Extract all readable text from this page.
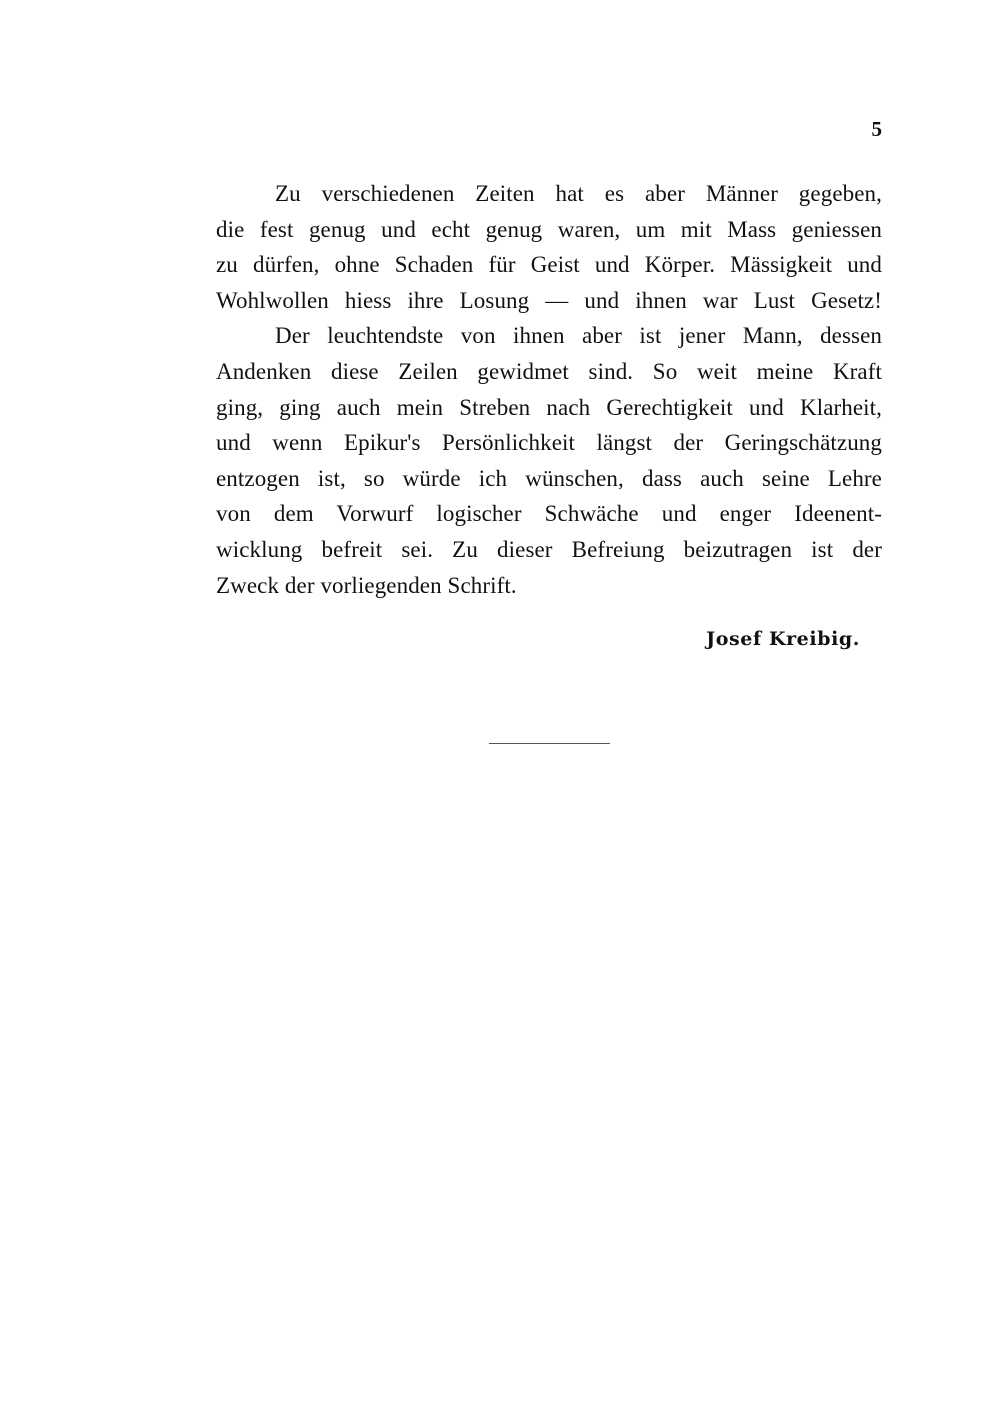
5
Zu verschiedenen Zeiten hat es aber Männer gegeben,
die fest genug und echt genug waren, um mit Mass geniessen
zu dürfen, ohne Schaden für Geist und Körper. Mässigkeit und
Wohlwollen hiess ihre Losung — und ihnen war Lust Gesetz!
Der leuchtendste von ihnen aber ist jener Mann, dessen
Andenken diese Zeilen gewidmet sind. So weit meine Kraft
ging, ging auch mein Streben nach Gerechtigkeit und Klarheit,
und wenn Epikur's Persönlichkeit längst der Geringschätzung
entzogen ist, so würde ich wünschen, dass auch seine Lehre
von dem Vorwurf logischer Schwäche und enger Ideenent-
wicklung befreit sei. Zu dieser Befreiung beizutragen ist der
Zweck der vorliegenden Schrift.
Josef Kreibig.
